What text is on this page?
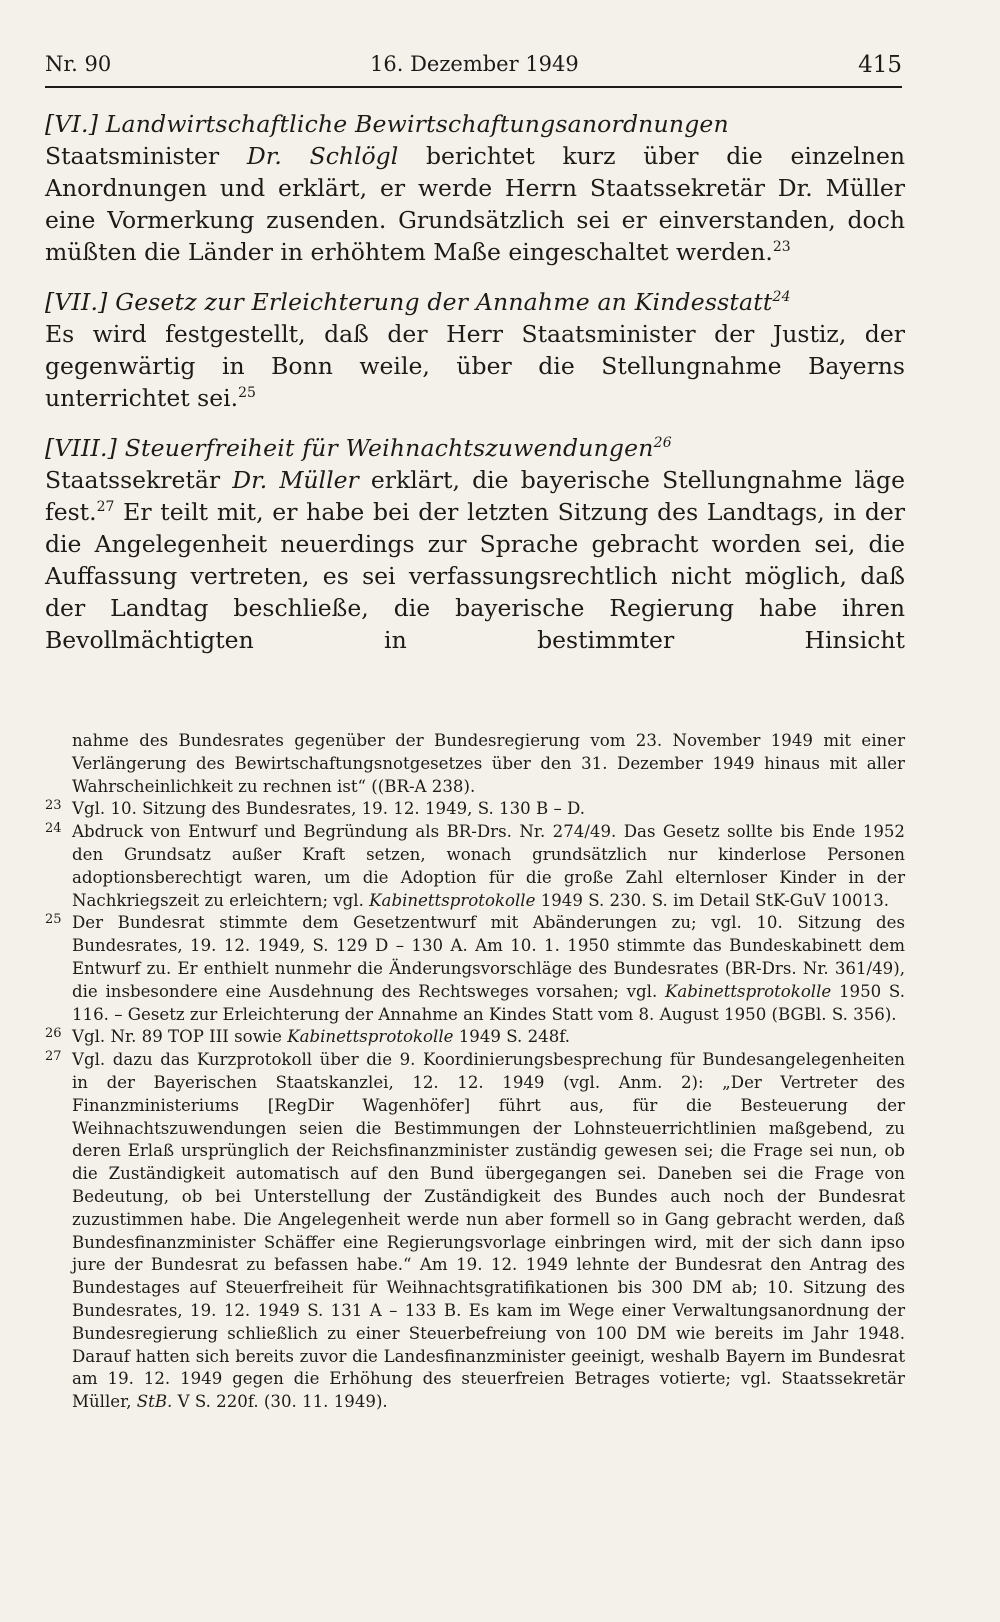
Nr. 90	16. Dezember 1949	415
[VI.] Landwirtschaftliche Bewirtschaftungsanordnungen
Staatsminister Dr. Schlögl berichtet kurz über die einzelnen Anordnungen und erklärt, er werde Herrn Staatssekretär Dr. Müller eine Vormerkung zusenden. Grundsätzlich sei er einverstanden, doch müßten die Länder in erhöhtem Maße eingeschaltet werden.$^{23}$
[VII.] Gesetz zur Erleichterung der Annahme an Kindesstatt$^{24}$
Es wird festgestellt, daß der Herr Staatsminister der Justiz, der gegenwärtig in Bonn weile, über die Stellungnahme Bayerns unterrichtet sei.$^{25}$
[VIII.] Steuerfreiheit für Weihnachtszuwendungen$^{26}$
Staatssekretär Dr. Müller erklärt, die bayerische Stellungnahme läge fest.$^{27}$ Er teilt mit, er habe bei der letzten Sitzung des Landtags, in der die Angelegenheit neuerdings zur Sprache gebracht worden sei, die Auffassung vertreten, es sei verfassungsrechtlich nicht möglich, daß der Landtag beschließe, die bayerische Regierung habe ihren Bevollmächtigten in bestimmter Hinsicht
nahme des Bundesrates gegenüber der Bundesregierung vom 23. November 1949 mit einer Verlängerung des Bewirtschaftungsnotgesetzes über den 31. Dezember 1949 hinaus mit aller Wahrscheinlichkeit zu rechnen ist“ ((BR-A 238).
23 Vgl. 10. Sitzung des Bundesrates, 19. 12. 1949, S. 130 B – D.
24 Abdruck von Entwurf und Begründung als BR-Drs. Nr. 274/49. Das Gesetz sollte bis Ende 1952 den Grundsatz außer Kraft setzen, wonach grundsätzlich nur kinderlose Personen adoptionsberechtigt waren, um die Adoption für die große Zahl elternloser Kinder in der Nachkriegszeit zu erleichtern; vgl. Kabinettsprotokolle 1949 S. 230. S. im Detail StK-GuV 10013.
25 Der Bundesrat stimmte dem Gesetzentwurf mit Abänderungen zu; vgl. 10. Sitzung des Bundesrates, 19. 12. 1949, S. 129 D – 130 A. Am 10. 1. 1950 stimmte das Bundeskabinett dem Entwurf zu. Er enthielt nunmehr die Änderungsvorschläge des Bundesrates (BR-Drs. Nr. 361/49), die insbesondere eine Ausdehnung des Rechtsweges vorsahen; vgl. Kabinettsprotokolle 1950 S. 116. – Gesetz zur Erleichterung der Annahme an Kindes Statt vom 8. August 1950 (BGBl. S. 356).
26 Vgl. Nr. 89 TOP III sowie Kabinettsprotokolle 1949 S. 248f.
27 Vgl. dazu das Kurzprotokoll über die 9. Koordinierungsbesprechung für Bundesangelegenheiten in der Bayerischen Staatskanzlei, 12. 12. 1949 (vgl. Anm. 2): „Der Vertreter des Finanzministeriums [RegDir Wagenhöfer] führt aus, für die Besteuerung der Weihnachtszuwendungen seien die Bestimmungen der Lohnsteuerrichtlinien maßgebend, zu deren Erlaß ursprünglich der Reichsfinanzminister zuständig gewesen sei; die Frage sei nun, ob die Zuständigkeit automatisch auf den Bund übergegangen sei. Daneben sei die Frage von Bedeutung, ob bei Unterstellung der Zuständigkeit des Bundes auch noch der Bundesrat zuzustimmen habe. Die Angelegenheit werde nun aber formell so in Gang gebracht werden, daß Bundesfinanzminister Schäffer eine Regierungsvorlage einbringen wird, mit der sich dann ipso jure der Bundesrat zu befassen habe.“ Am 19. 12. 1949 lehnte der Bundesrat den Antrag des Bundestages auf Steuerfreiheit für Weihnachtsgratifikationen bis 300 DM ab; 10. Sitzung des Bundesrates, 19. 12. 1949 S. 131 A – 133 B. Es kam im Wege einer Verwaltungsanordnung der Bundesregierung schließlich zu einer Steuerbefreiung von 100 DM wie bereits im Jahr 1948. Darauf hatten sich bereits zuvor die Landesfinanzminister geeinigt, weshalb Bayern im Bundesrat am 19. 12. 1949 gegen die Erhöhung des steuerfreien Betrages votierte; vgl. Staatssekretär Müller, StB. V S. 220f. (30. 11. 1949).
